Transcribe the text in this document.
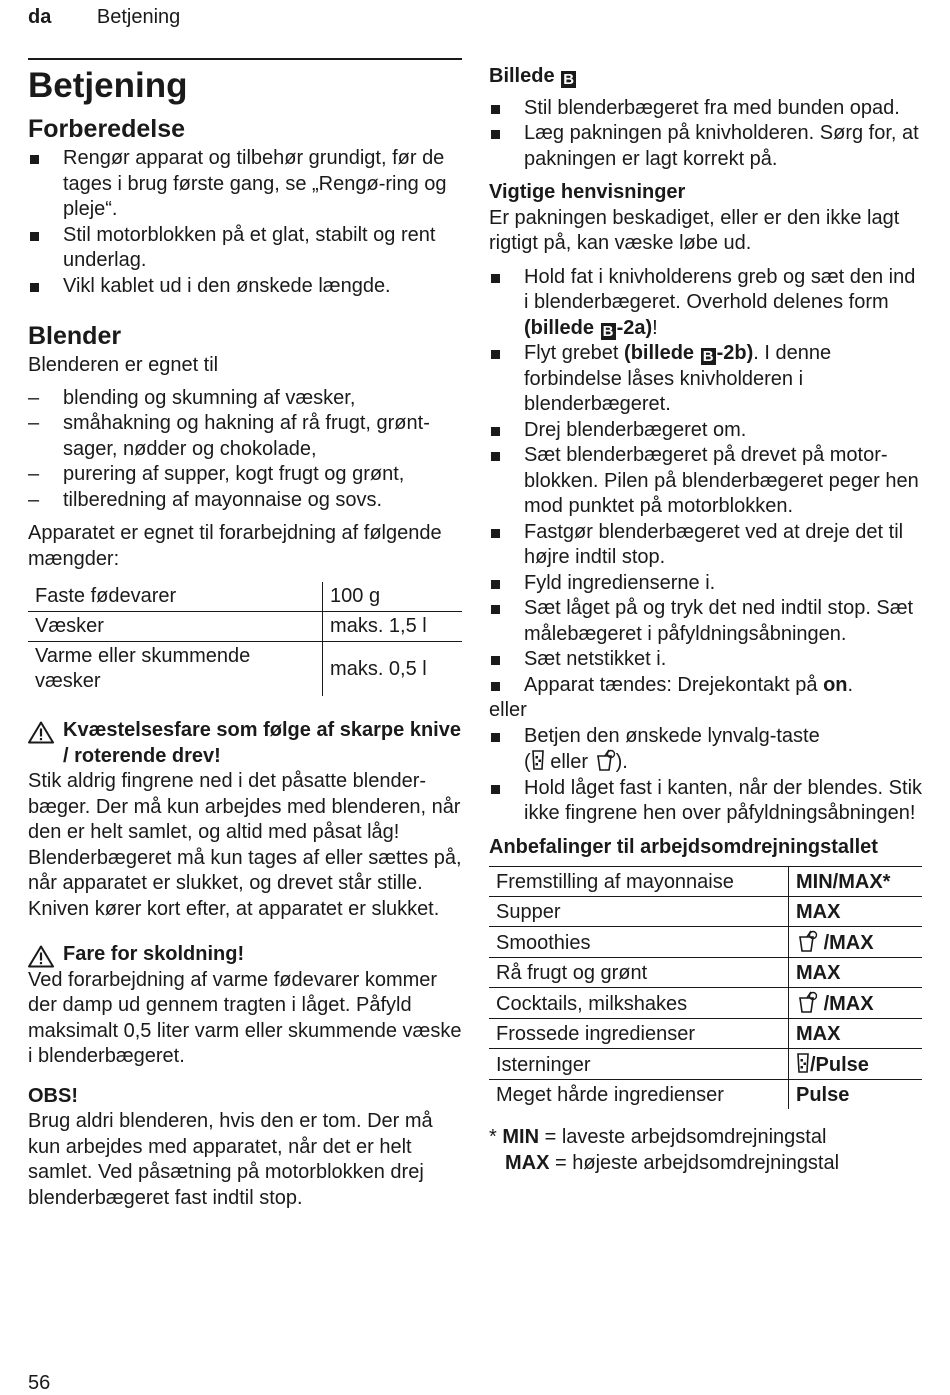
da Betjening
Betjening
Forberedelse
Rengør apparat og tilbehør grundigt, før de tages i brug første gang, se „Rengø-ring og pleje“.
Stil motorblokken på et glat, stabilt og rent underlag.
Vikl kablet ud i den ønskede længde.
Blender

Blenderen er egnet til

– blending og skumning af væsker,
– småhakning og hakning af rå frugt, grønt-sager, nødder og chokolade,
– purering af supper, kogt frugt og grønt,
– tilberedning af mayonnaise og sovs.

Apparatet er egnet til forarbejdning af følgende mængder:

Faste fødevarer	100 g
Væsker	maks. 1,5 l
Varme eller skummende væsker	maks. 0,5 l
Kvæstelsesfare som følge af skarpe knive / roterende drev!

Stik aldrig fingrene ned i det påsatte blender-bæger. Der må kun arbejdes med blenderen, når den er helt samlet, og altid med påsat låg! Blenderbægeret må kun tages af eller sættes på, når apparatet er slukket, og drevet står stille. Kniven kører kort efter, at apparatet er slukket.

Fare for skoldning!

Ved forarbejdning af varme fødevarer kommer der damp ud gennem tragten i låget. Påfyld maksimalt 0,5 liter varm eller skummende væske i blenderbægeret.

OBS!

Brug aldri blenderen, hvis den er tom. Der må kun arbejdes med apparatet, når det er helt samlet. Ved påsætning på motorblokken drej blenderbægeret fast indtil stop.

Billede B
Stil blenderbægeret fra med bunden opad.
Læg pakningen på knivholderen. Sørg for, at pakningen er lagt korrekt på.
Vigtige henvisninger

Er pakningen beskadiget, eller er den ikke lagt rigtigt på, kan væske løbe ud.

Hold fat i knivholderens greb og sæt den ind i blenderbægeret. Overhold delenes form (billede B -2a)!
Flyt grebet (billede B -2b). I denne forbindelse låses knivholderen i blenderbægeret.
Drej blenderbægeret om.
Sæt blenderbægeret på drevet på motor-blokken. Pilen på blenderbægeret peger hen mod punktet på motorblokken.
Fastgør blenderbægeret ved at dreje det til højre indtil stop.
Fyld ingredienserne i.
Sæt låget på og tryk det ned indtil stop. Sæt målebægeret i påfyldningsåbningen.
Sæt netstikket i.
Apparat tændes: Drejekontakt på on.

eller

Betjen den ønskede lynvalg-taste
( eller ).
Hold låget fast i kanten, når der blendes. Stik ikke fingrene hen over påfyldningsåbningen!
Anbefalinger til arbejdsomdrejningstallet
Fremstilling af mayonnaise	MIN/MAX*
Supper	MAX
Smoothies	/MAX
Rå frugt og grønt	MAX
Cocktails, milkshakes	/MAX
Frossede ingredienser	MAX
Isterninger	/Pulse
Meget hårde ingredienser	Pulse
* MIN = laveste arbejdsomdrejningstal
MAX = højeste arbejdsomdrejningstal
56
